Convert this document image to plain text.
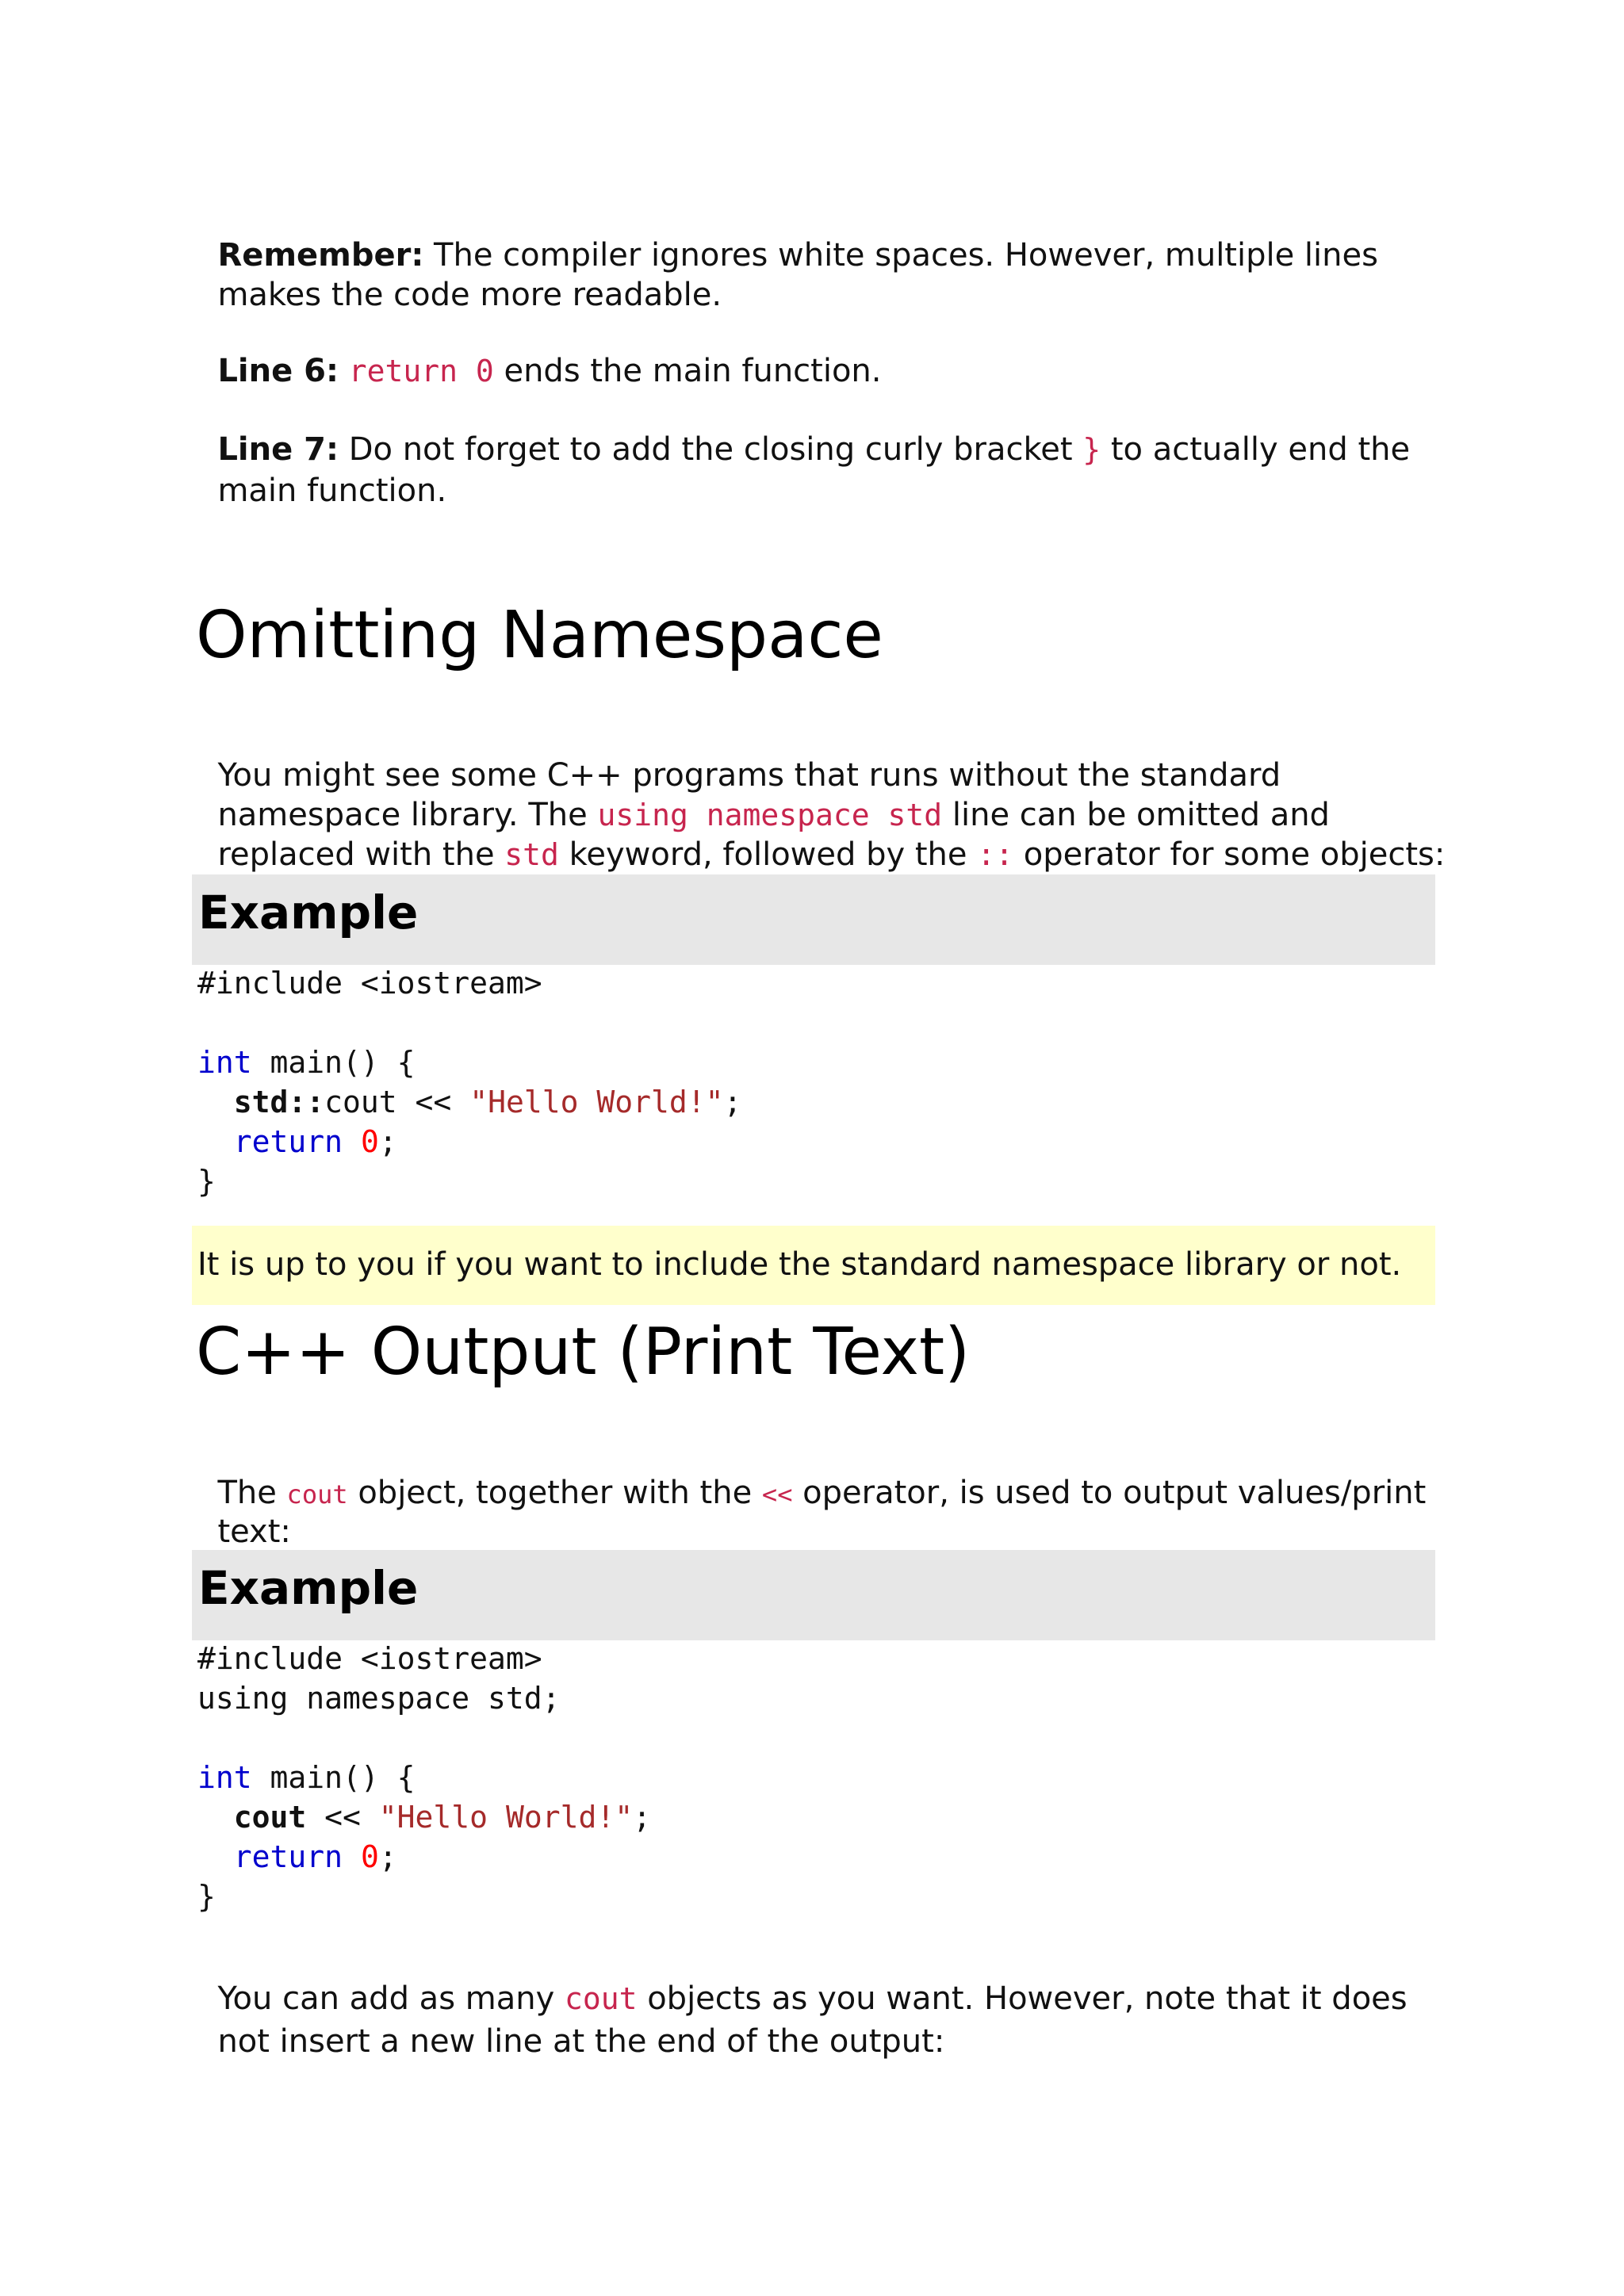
Remember: The compiler ignores white spaces. However, multiple lines

makes the code more readable.

Line 6: return 0 ends the main function.

Line 7: Do not forget to add the closing curly bracket } to actually end the

main function.

Omitting Namespace

You might see some C++ programs that runs without the standard

namespace library. The using namespace std line can be omitted and

replaced with the std keyword, followed by the :: operator for some objects:

Example
#include <iostream>
int main() {
std::cout << "Hello World!";
return 0;
}
It is up to you if you want to include the standard namespace library or not.
C++ Output (Print Text)

The cout object, together with the << operator, is used to output values/print

text:

Example
#include <iostream>
using namespace std;
int main() {
cout << "Hello World!";
return 0;
}

You can add as many cout objects as you want. However, note that it does

not insert a new line at the end of the output:
